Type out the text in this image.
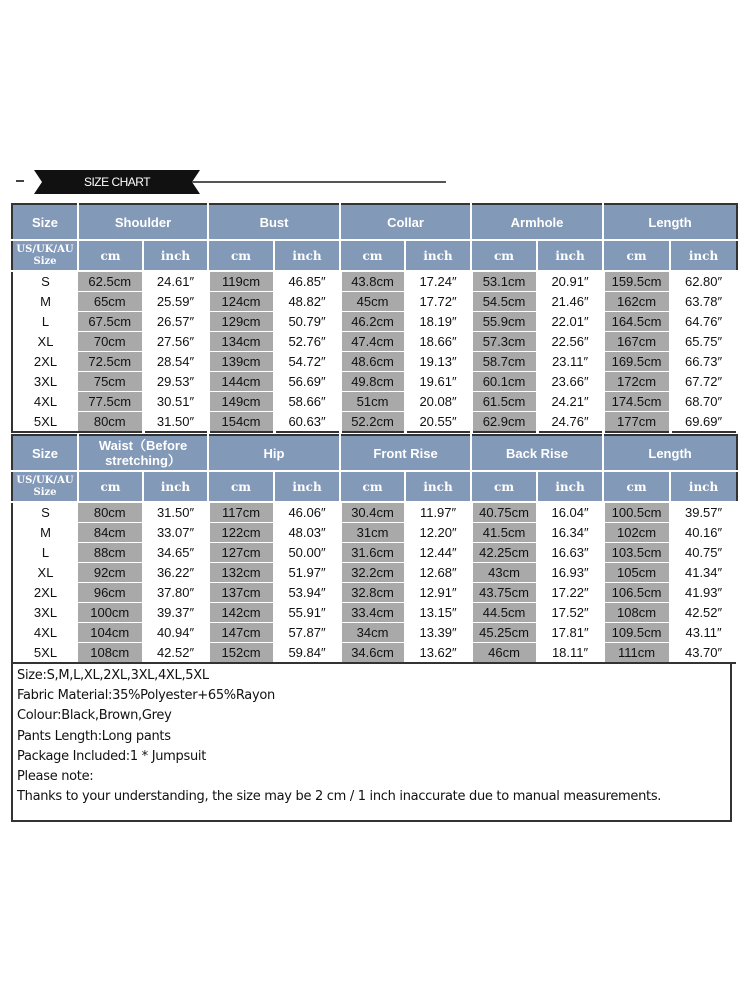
SIZE CHART
Size	Shoulder		Bust		Collar		Armhole		Length	
US/UK/AU Size	cm	inch	cm	inch	cm	inch	cm	inch	cm	inch
S	62.5cm	24.61″	119cm	46.85″	43.8cm	17.24″	53.1cm	20.91″	159.5cm	62.80″
M	65cm	25.59″	124cm	48.82″	45cm	17.72″	54.5cm	21.46″	162cm	63.78″
L	67.5cm	26.57″	129cm	50.79″	46.2cm	18.19″	55.9cm	22.01″	164.5cm	64.76″
XL	70cm	27.56″	134cm	52.76″	47.4cm	18.66″	57.3cm	22.56″	167cm	65.75″
2XL	72.5cm	28.54″	139cm	54.72″	48.6cm	19.13″	58.7cm	23.11″	169.5cm	66.73″
3XL	75cm	29.53″	144cm	56.69″	49.8cm	19.61″	60.1cm	23.66″	172cm	67.72″
4XL	77.5cm	30.51″	149cm	58.66″	51cm	20.08″	61.5cm	24.21″	174.5cm	68.70″
5XL	80cm	31.50″	154cm	60.63″	52.2cm	20.55″	62.9cm	24.76″	177cm	69.69″
Size	Waist（Before stretching）		Hip		Front Rise		Back Rise		Length	
US/UK/AU Size	cm	inch	cm	inch	cm	inch	cm	inch	cm	inch
S	80cm	31.50″	117cm	46.06″	30.4cm	11.97″	40.75cm	16.04″	100.5cm	39.57″
M	84cm	33.07″	122cm	48.03″	31cm	12.20″	41.5cm	16.34″	102cm	40.16″
L	88cm	34.65″	127cm	50.00″	31.6cm	12.44″	42.25cm	16.63″	103.5cm	40.75″
XL	92cm	36.22″	132cm	51.97″	32.2cm	12.68″	43cm	16.93″	105cm	41.34″
2XL	96cm	37.80″	137cm	53.94″	32.8cm	12.91″	43.75cm	17.22″	106.5cm	41.93″
3XL	100cm	39.37″	142cm	55.91″	33.4cm	13.15″	44.5cm	17.52″	108cm	42.52″
4XL	104cm	40.94″	147cm	57.87″	34cm	13.39″	45.25cm	17.81″	109.5cm	43.11″
5XL	108cm	42.52″	152cm	59.84″	34.6cm	13.62″	46cm	18.11″	111cm	43.70″
Size:S,M,L,XL,2XL,3XL,4XL,5XL
Fabric Material:35%Polyester+65%Rayon
Colour:Black,Brown,Grey
Pants Length:Long pants
Package Included:1 * Jumpsuit
Please note:
Thanks to your understanding, the size may be 2 cm / 1 inch inaccurate due to manual measurements.
